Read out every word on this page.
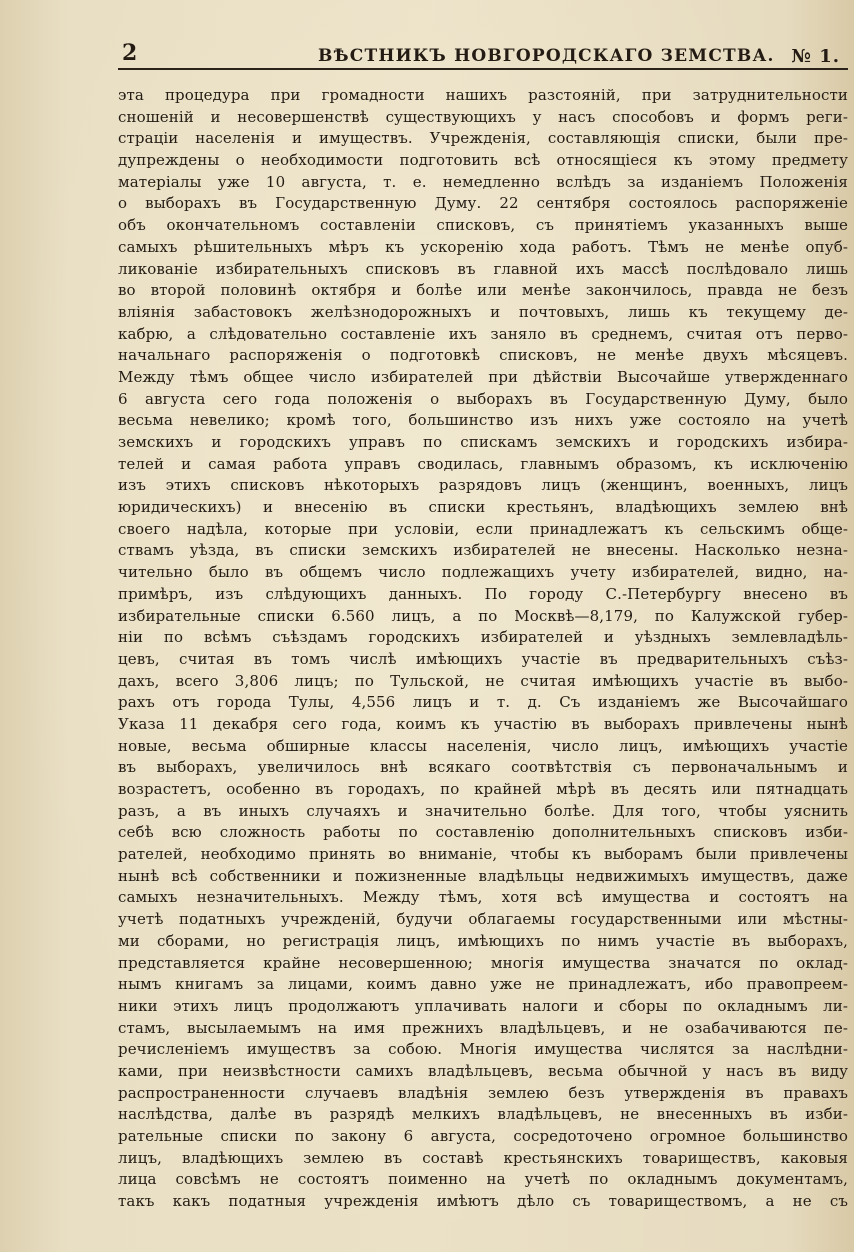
2	ВѢСТНИКЪ НОВГОРОДСКАГО ЗЕМСТВА. № 1.
эта процедура при громадности нашихъ разстояній, при затруднительности
сношеній и несовершенствѣ существующихъ у насъ способовъ и формъ реги-
страціи населенія и имуществъ. Учрежденія, составляющія списки, были пре-
дупреждены о необходимости подготовить всѣ относящіеся къ этому предмету
матеріалы уже 10 августа, т. е. немедленно вслѣдъ за изданіемъ Положенія
о выборахъ въ Государственную Думу. 22 сентября состоялось распоряженіе
объ окончательномъ составленіи списковъ, съ принятіемъ указанныхъ выше
самыхъ рѣшительныхъ мѣръ къ ускоренію хода работъ. Тѣмъ не менѣе опуб-
ликованіе избирательныхъ списковъ въ главной ихъ массѣ послѣдовало лишь
во второй половинѣ октября и болѣе или менѣе закончилось, правда не безъ
вліянія забастовокъ желѣзнодорожныхъ и почтовыхъ, лишь къ текущему де-
кабрю, а слѣдовательно составленіе ихъ заняло въ среднемъ, считая отъ перво-
начальнаго распоряженія о подготовкѣ списковъ, не менѣе двухъ мѣсяцевъ.
Между тѣмъ общее число избирателей при дѣйствіи Высочайше утвержденнаго
6 августа сего года положенія о выборахъ въ Государственную Думу, было
весьма невелико; кромѣ того, большинство изъ нихъ уже состояло на учетѣ
земскихъ и городскихъ управъ по спискамъ земскихъ и городскихъ избира-
телей и самая работа управъ сводилась, главнымъ образомъ, къ исключенію
изъ этихъ списковъ нѣкоторыхъ разрядовъ лицъ (женщинъ, военныхъ, лицъ
юридическихъ) и внесенію въ списки крестьянъ, владѣющихъ землею внѣ
своего надѣла, которые при условіи, если принадлежатъ къ сельскимъ обще-
ствамъ уѣзда, въ списки земскихъ избирателей не внесены. Насколько незна-
чительно было въ общемъ число подлежащихъ учету избирателей, видно, на-
примѣръ, изъ слѣдующихъ данныхъ. По городу С.-Петербургу внесено въ
избирательные списки 6.560 лицъ, а по Москвѣ—8,179, по Калужской губер-
ніи по всѣмъ съѣздамъ городскихъ избирателей и уѣздныхъ землевладѣль-
цевъ, считая въ томъ числѣ имѣющихъ участіе въ предварительныхъ съѣз-
дахъ, всего 3,806 лицъ; по Тульской, не считая имѣющихъ участіе въ выбо-
рахъ отъ города Тулы, 4,556 лицъ и т. д. Съ изданіемъ же Высочайшаго
Указа 11 декабря сего года, коимъ къ участію въ выборахъ привлечены нынѣ
новые, весьма обширные классы населенія, число лицъ, имѣющихъ участіе
въ выборахъ, увеличилось внѣ всякаго соотвѣтствія съ первоначальнымъ и
возрастетъ, особенно въ городахъ, по крайней мѣрѣ въ десять или пятнадцать
разъ, а въ иныхъ случаяхъ и значительно болѣе. Для того, чтобы уяснить
себѣ всю сложность работы по составленію дополнительныхъ списковъ изби-
рателей, необходимо принять во вниманіе, чтобы къ выборамъ были привлечены
нынѣ всѣ собственники и пожизненные владѣльцы недвижимыхъ имуществъ, даже
самыхъ незначительныхъ. Между тѣмъ, хотя всѣ имущества и состоятъ на
учетѣ податныхъ учрежденій, будучи облагаемы государственными или мѣстны-
ми сборами, но регистрація лицъ, имѣющихъ по нимъ участіе въ выборахъ,
представляется крайне несовершенною; многія имущества значатся по оклад-
нымъ книгамъ за лицами, коимъ давно уже не принадлежатъ, ибо правопреем-
ники этихъ лицъ продолжаютъ уплачивать налоги и сборы по окладнымъ ли-
стамъ, высылаемымъ на имя прежнихъ владѣльцевъ, и не озабачиваются пе-
речисленіемъ имуществъ за собою. Многія имущества числятся за наслѣдни-
ками, при неизвѣстности самихъ владѣльцевъ, весьма обычной у насъ въ виду
распространенности случаевъ владѣнія землею безъ утвержденія въ правахъ
наслѣдства, далѣе въ разрядѣ мелкихъ владѣльцевъ, не внесенныхъ въ изби-
рательные списки по закону 6 августа, сосредоточено огромное большинство
лицъ, владѣющихъ землею въ составѣ крестьянскихъ товариществъ, каковыя
лица совсѣмъ не состоятъ поименно на учетѣ по окладнымъ документамъ,
такъ какъ податныя учрежденія имѣютъ дѣло съ товариществомъ, а не съ
